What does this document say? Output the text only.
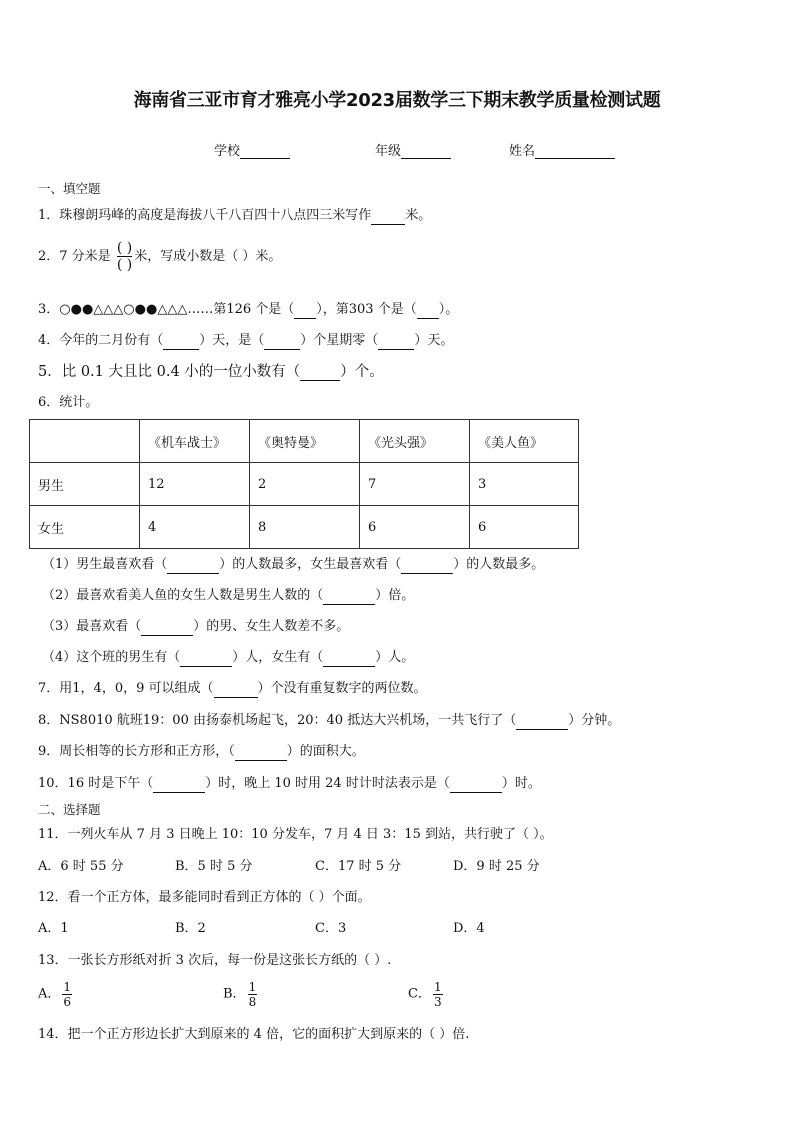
海南省三亚市育才雅亮小学2023届数学三下期末教学质量检测试题
学校	年级	姓名
一、填空题
1．珠穆朗玛峰的高度是海拔八千八百四十八点四三米写作	米。
2．7 分米是 $\frac{( )}{( )}$ 米，写成小数是（ ）米。
3．○●●△△△○●●△△△……第126 个是（ ），第303 个是（ ）。
4．今年的二月份有（	）天，是（	）个星期零（	）天。
5．比 0.1 大且比 0.4 小的一位小数有（	）个。
6．统计。
	《机车战士》	《奥特曼》	《光头强》	《美人鱼》
男生	12	2	7	3
女生	4	8	6	6
（1）男生最喜欢看（	）的人数最多，女生最喜欢看（	）的人数最多。
（2）最喜欢看美人鱼的女生人数是男生人数的（	）倍。
（3）最喜欢看（	）的男、女生人数差不多。
（4）这个班的男生有（	）人，女生有（	）人。
7．用1，4，0，9 可以组成（	）个没有重复数字的两位数。
8．NS8010 航班19：00 由扬泰机场起飞，20：40 抵达大兴机场，一共飞行了（	）分钟。
9．周长相等的长方形和正方形，（	）的面积大。
10．16 时是下午（	）时，晚上 10 时用 24 时计时法表示是（	）时。
二、选择题
11．一列火车从 7 月 3 日晚上 10：10 分发车，7 月 4 日 3：15 到站，共行驶了（ ）。
A．6 时 55 分	B．5 时 5 分	C．17 时 5 分	D．9 时 25 分
12．看一个正方体，最多能同时看到正方体的（ ）个面。
A．1	B．2	C．3	D．4
13．一张长方形纸对折 3 次后，每一份是这张长方纸的（ ）.
A． $\frac{1}{6}$	B． $\frac{1}{8}$	C． $\frac{1}{3}$
14．把一个正方形边长扩大到原来的 4 倍，它的面积扩大到原来的（ ）倍.
